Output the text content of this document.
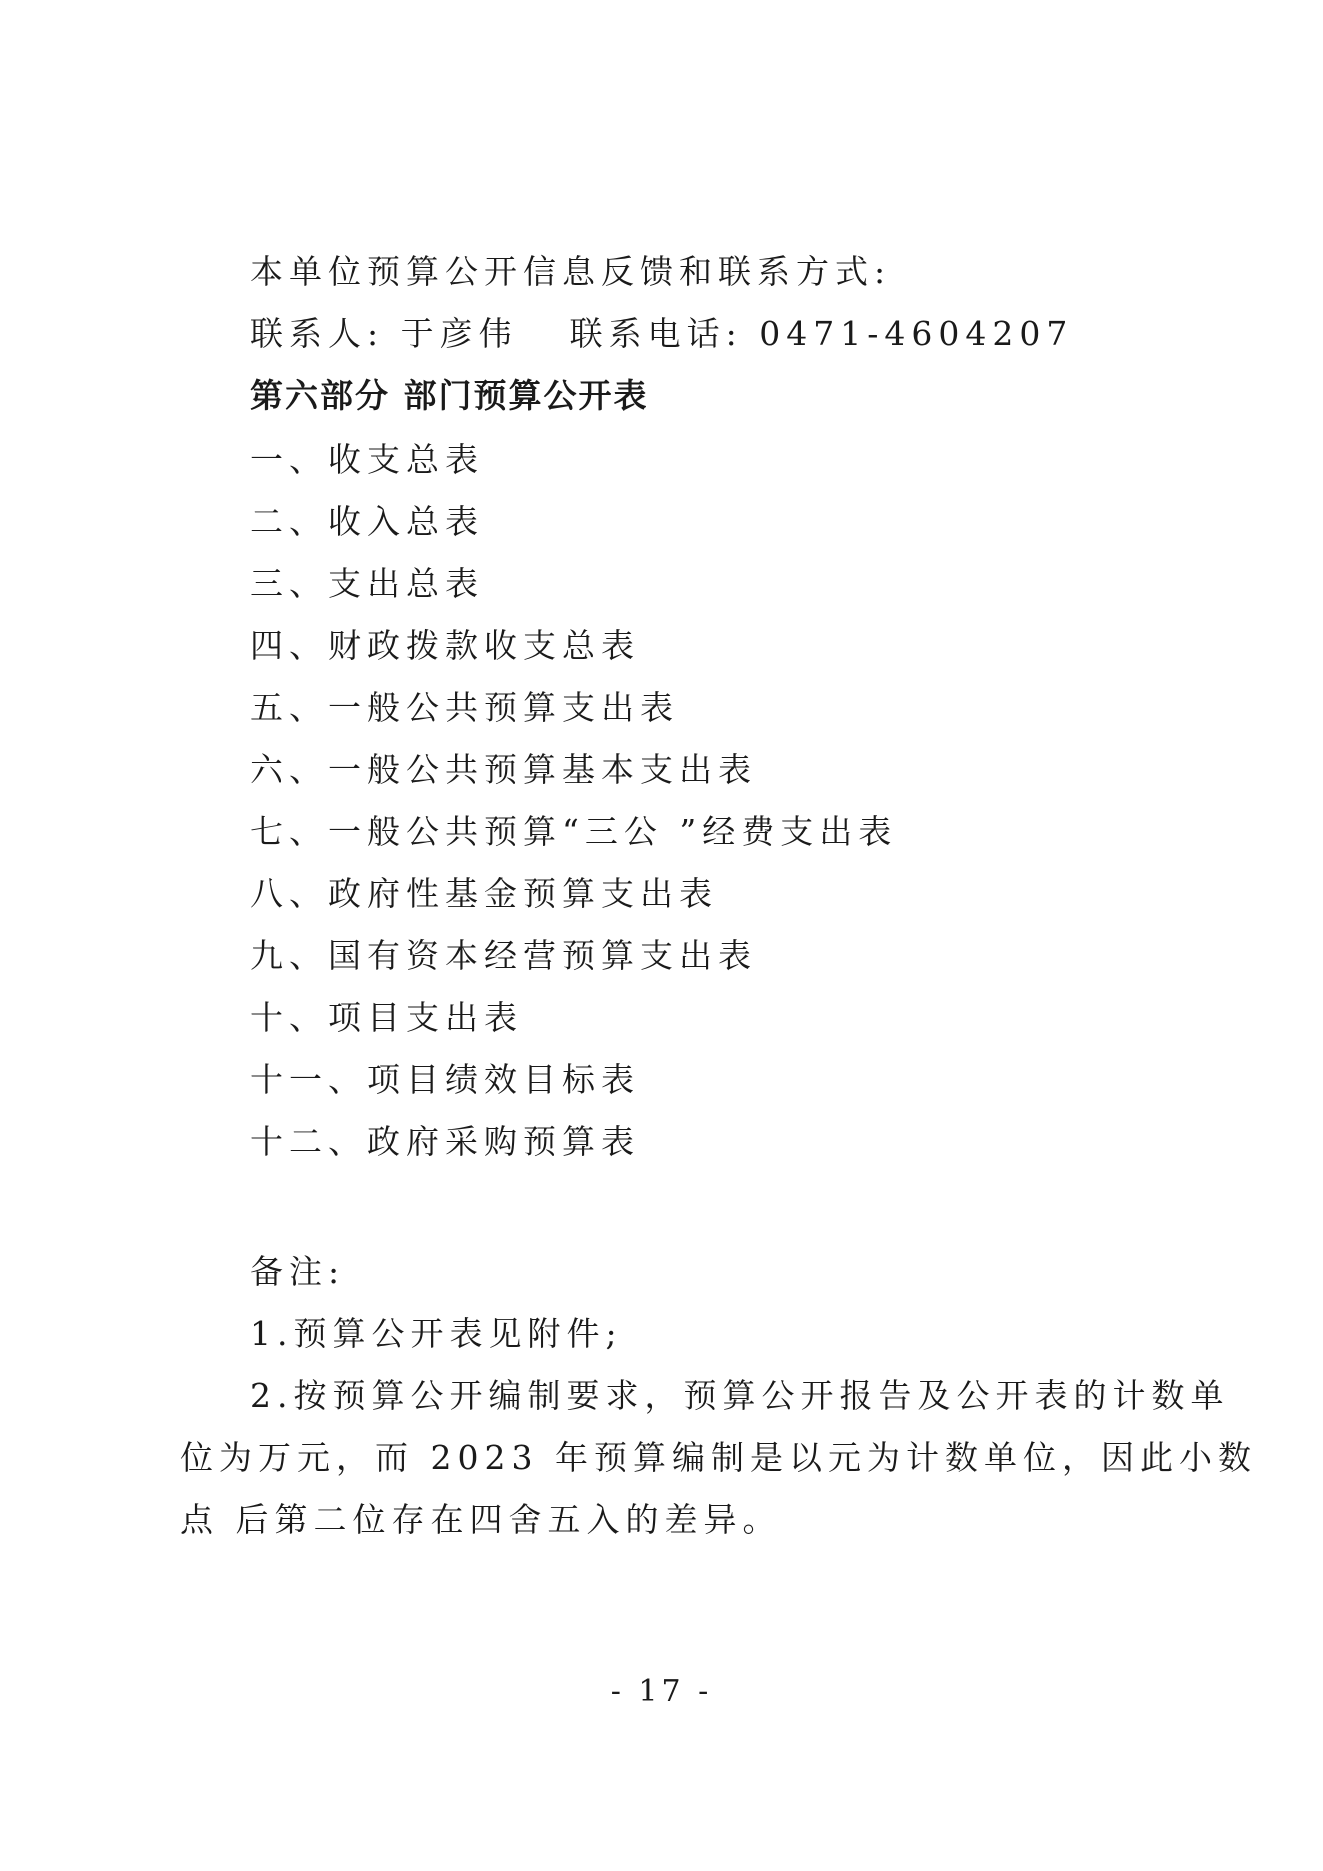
本单位预算公开信息反馈和联系方式:
联系人: 于彦伟 联系电话: 0471-4604207
第六部分 部门预算公开表
一、收支总表
二、收入总表
三、支出总表
四、财政拨款收支总表
五、一般公共预算支出表
六、一般公共预算基本支出表
七、一般公共预算“三公 ”经费支出表
八、政府性基金预算支出表
九、国有资本经营预算支出表
十、项目支出表
十一、项目绩效目标表
十二、政府采购预算表
备注:
1.预算公开表见附件;
2.按预算公开编制要求，预算公开报告及公开表的计数单
位为万元，而 2023 年预算编制是以元为计数单位，因此小数
点 后第二位存在四舍五入的差异。
- 17 -
